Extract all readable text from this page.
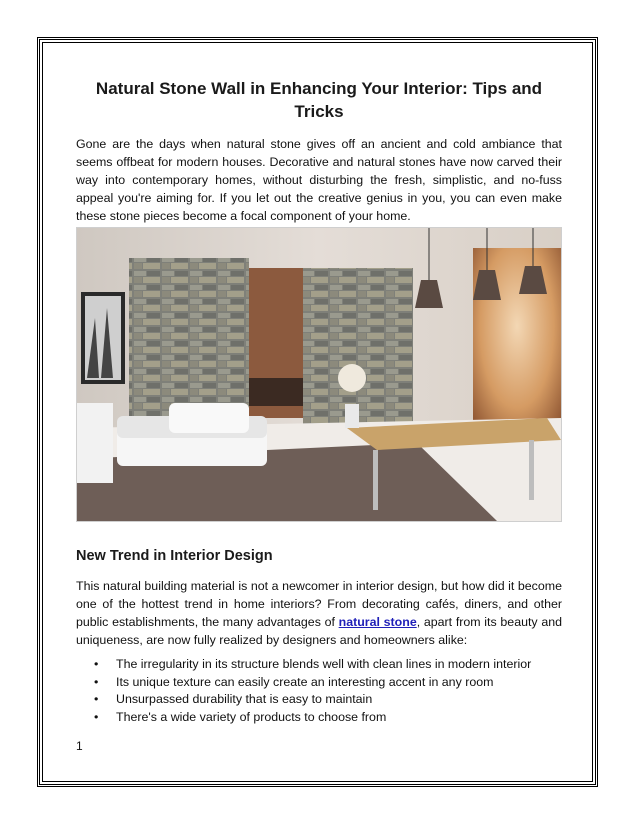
Natural Stone Wall in Enhancing Your Interior: Tips and Tricks
Gone are the days when natural stone gives off an ancient and cold ambiance that seems offbeat for modern houses. Decorative and natural stones have now carved their way into contemporary homes, without disturbing the fresh, simplistic, and no-fuss appeal you're aiming for. If you let out the creative genius in you, you can even make these stone pieces become a focal component of your home.
New Trend in Interior Design
This natural building material is not a newcomer in interior design, but how did it become one of the hottest trend in home interiors? From decorating cafés, diners, and other public establishments, the many advantages of natural stone, apart from its beauty and uniqueness, are now fully realized by designers and homeowners alike:
• The irregularity in its structure blends well with clean lines in modern interior
• Its unique texture can easily create an interesting accent in any room
• Unsurpassed durability that is easy to maintain
• There's a wide variety of products to choose from
1
